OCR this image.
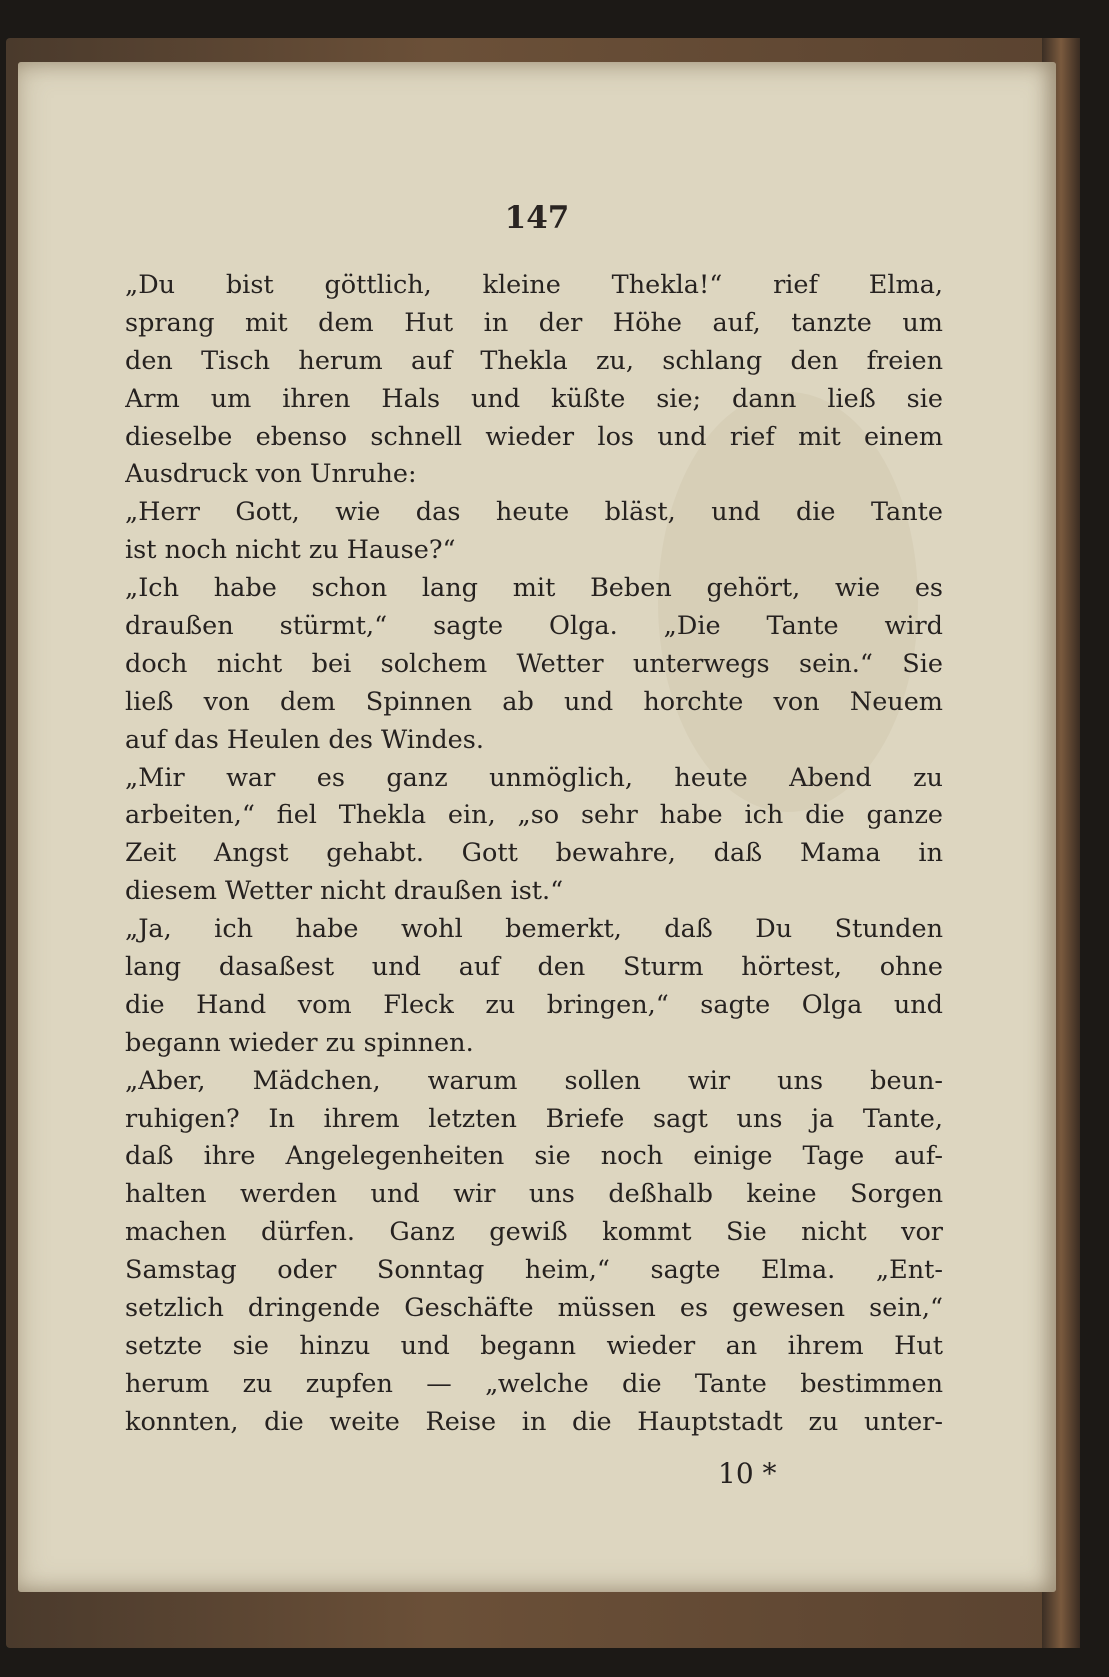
147
„Du bist göttlich, kleine Thekla!“ rief Elma,
sprang mit dem Hut in der Höhe auf, tanzte um
den Tisch herum auf Thekla zu, schlang den freien
Arm um ihren Hals und küßte sie; dann ließ sie
dieselbe ebenso schnell wieder los und rief mit einem
Ausdruck von Unruhe:
„Herr Gott, wie das heute bläst, und die Tante
ist noch nicht zu Hause?“
„Ich habe schon lang mit Beben gehört, wie es
draußen stürmt,“ sagte Olga. „Die Tante wird
doch nicht bei solchem Wetter unterwegs sein.“ Sie
ließ von dem Spinnen ab und horchte von Neuem
auf das Heulen des Windes.
„Mir war es ganz unmöglich, heute Abend zu
arbeiten,“ fiel Thekla ein, „so sehr habe ich die ganze
Zeit Angst gehabt. Gott bewahre, daß Mama in
diesem Wetter nicht draußen ist.“
„Ja, ich habe wohl bemerkt, daß Du Stunden
lang dasaßest und auf den Sturm hörtest, ohne
die Hand vom Fleck zu bringen,“ sagte Olga und
begann wieder zu spinnen.
„Aber, Mädchen, warum sollen wir uns beun-
ruhigen? In ihrem letzten Briefe sagt uns ja Tante,
daß ihre Angelegenheiten sie noch einige Tage auf-
halten werden und wir uns deßhalb keine Sorgen
machen dürfen. Ganz gewiß kommt Sie nicht vor
Samstag oder Sonntag heim,“ sagte Elma. „Ent-
setzlich dringende Geschäfte müssen es gewesen sein,“
setzte sie hinzu und begann wieder an ihrem Hut
herum zu zupfen — „welche die Tante bestimmen
konnten, die weite Reise in die Hauptstadt zu unter-
10 *
